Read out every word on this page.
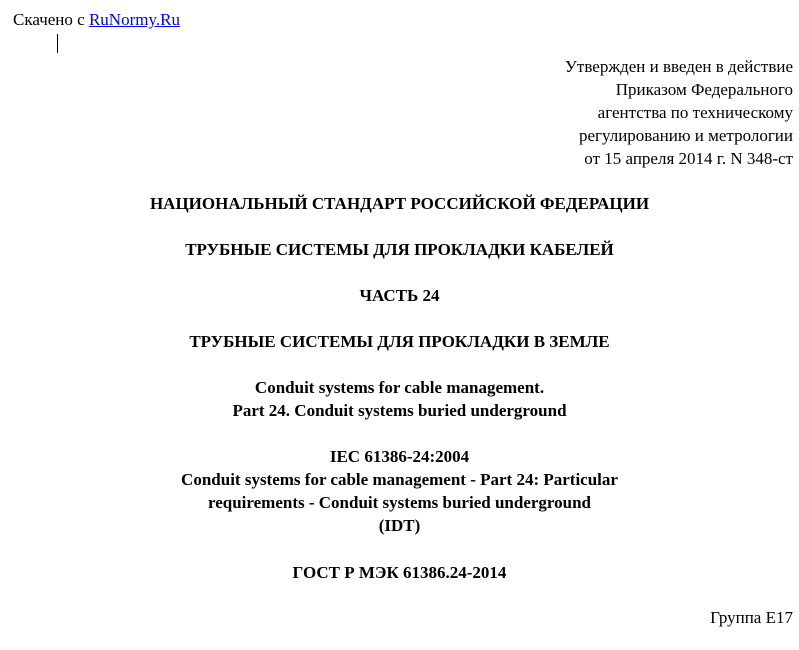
Скачено с RuNormy.Ru
Утвержден и введен в действие
Приказом Федерального
агентства по техническому
регулированию и метрологии
от 15 апреля 2014 г. N 348-ст
НАЦИОНАЛЬНЫЙ СТАНДАРТ РОССИЙСКОЙ ФЕДЕРАЦИИ
ТРУБНЫЕ СИСТЕМЫ ДЛЯ ПРОКЛАДКИ КАБЕЛЕЙ
ЧАСТЬ 24
ТРУБНЫЕ СИСТЕМЫ ДЛЯ ПРОКЛАДКИ В ЗЕМЛЕ
Conduit systems for cable management.
Part 24. Conduit systems buried underground
IEC 61386-24:2004
Conduit systems for cable management - Part 24: Particular
requirements - Conduit systems buried underground
(IDT)
ГОСТ Р МЭК 61386.24-2014
Группа Е17
